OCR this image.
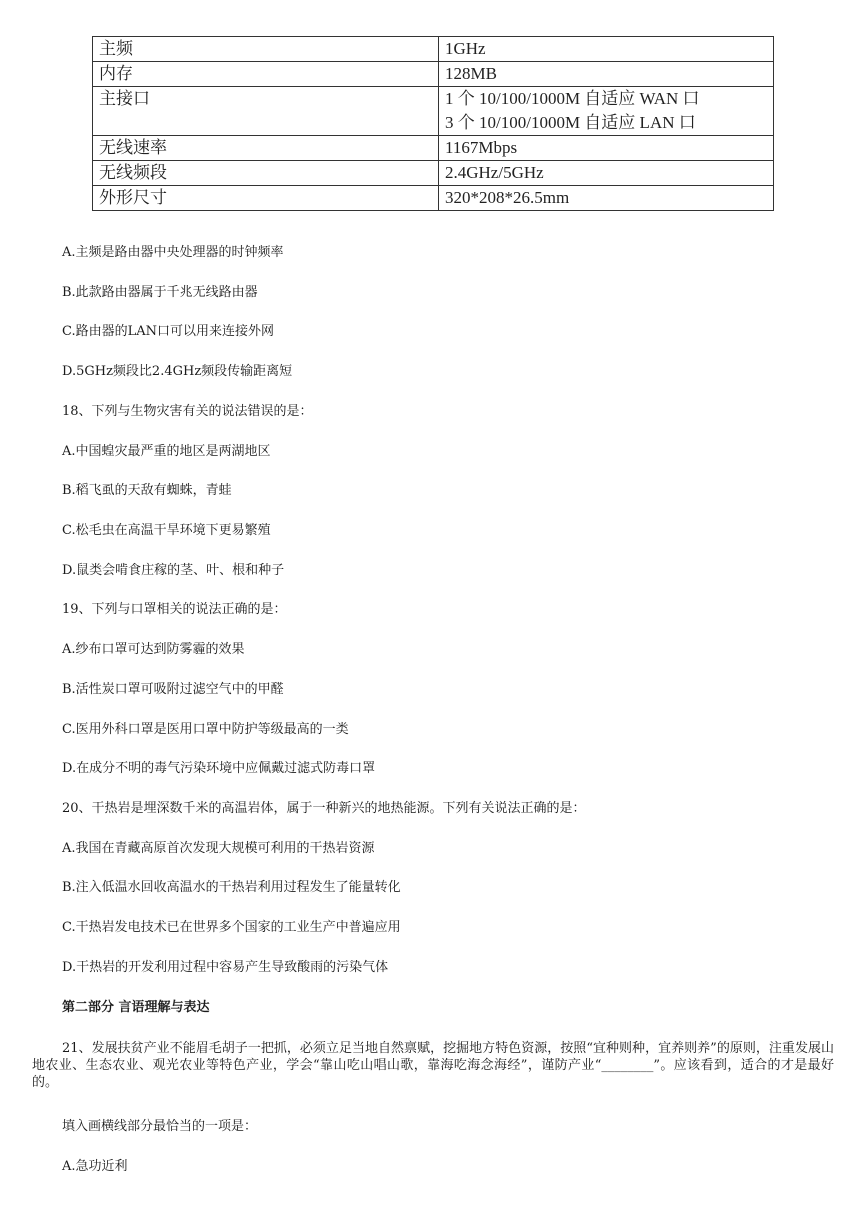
主频	1GHz

内存	128MB

主接口	1 个 10/100/1000M 自适应 WAN 口
3 个 10/100/1000M 自适应 LAN 口

无线速率	1167Mbps

无线频段	2.4GHz/5GHz

外形尺寸	320*208*26.5mm
A.主频是路由器中央处理器的时钟频率
B.此款路由器属于千兆无线路由器
C.路由器的LAN口可以用来连接外网
D.5GHz频段比2.4GHz频段传输距离短
18、下列与生物灾害有关的说法错误的是：
A.中国蝗灾最严重的地区是两湖地区
B.稻飞虱的天敌有蜘蛛，青蛙
C.松毛虫在高温干旱环境下更易繁殖
D.鼠类会啃食庄稼的茎、叶、根和种子
19、下列与口罩相关的说法正确的是：
A.纱布口罩可达到防雾霾的效果
B.活性炭口罩可吸附过滤空气中的甲醛
C.医用外科口罩是医用口罩中防护等级最高的一类
D.在成分不明的毒气污染环境中应佩戴过滤式防毒口罩
20、干热岩是埋深数千米的高温岩体，属于一种新兴的地热能源。下列有关说法正确的是：
A.我国在青藏高原首次发现大规模可利用的干热岩资源
B.注入低温水回收高温水的干热岩利用过程发生了能量转化
C.干热岩发电技术已在世界多个国家的工业生产中普遍应用
D.干热岩的开发利用过程中容易产生导致酸雨的污染气体
第二部分 言语理解与表达
21、发展扶贫产业不能眉毛胡子一把抓，必须立足当地自然禀赋，挖掘地方特色资源，按照“宜种则种，宜养则养”的原则，注重发展山地农业、生态农业、观光农业等特色产业，学会“靠山吃山唱山歌，靠海吃海念海经”，谨防产业“________”。应该看到，适合的才是最好的。
填入画横线部分最恰当的一项是：
A.急功近利
